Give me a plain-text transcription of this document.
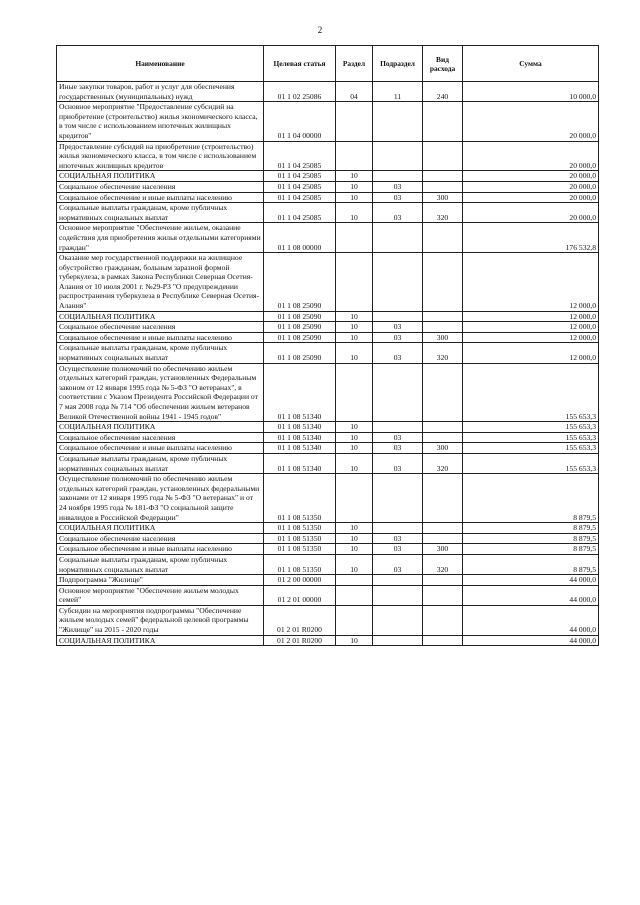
2
Наименование	Целевая статья	Раздел	Подраздел	Вид расхода	Сумма
Иные закупки товаров, работ и услуг для обеспечения государственных (муниципальных) нужд	01 1 02 25086	04	11	240	10 000,0
Основное мероприятие "Предоставление субсидий на приобретение (строительство) жилья экономического класса, в том числе с использованием ипотечных жилищных кредитов"	01 1 04 00000				20 000,0
Предоставление субсидий на приобретение (строительство) жилья экономического класса, в том числе с использованием ипотечных жилищных кредитов	01 1 04 25085				20 000,0
СОЦИАЛЬНАЯ ПОЛИТИКА	01 1 04 25085	10			20 000,0
Социальное обеспечение населения	01 1 04 25085	10	03		20 000,0
Социальное обеспечение и иные выплаты населению	01 1 04 25085	10	03	300	20 000,0
Социальные выплаты гражданам, кроме публичных нормативных социальных выплат	01 1 04 25085	10	03	320	20 000,0
Основное мероприятие "Обеспечение жильем, оказание содействия для приобретения жилья отдельными категориями граждан"	01 1 08 00000				176 532,8
Оказание мер государственной поддержки на жилищное обустройство гражданам, больным заразной формой туберкулеза, в рамках Закона Республики Северная Осетия-Алания от 10 июля 2001 г. №29-РЗ "О предупреждении распространения туберкулеза в Республике Северная Осетия-Алания"	01 1 08 25090				12 000,0
СОЦИАЛЬНАЯ ПОЛИТИКА	01 1 08 25090	10			12 000,0
Социальное обеспечение населения	01 1 08 25090	10	03		12 000,0
Социальное обеспечение и иные выплаты населению	01 1 08 25090	10	03	300	12 000,0
Социальные выплаты гражданам, кроме публичных нормативных социальных выплат	01 1 08 25090	10	03	320	12 000,0
Осуществление полномочий по обеспечению жильем отдельных категорий граждан, установленных Федеральным законом от 12 января 1995 года № 5-ФЗ "О ветеранах", в соответствии с Указом Президента Российской Федерации от 7 мая 2008 года № 714 "Об обеспечении жильем ветеранов Великой Отечественной войны 1941 - 1945 годов"	01 1 08 51340				155 653,3
СОЦИАЛЬНАЯ ПОЛИТИКА	01 1 08 51340	10			155 653,3
Социальное обеспечение населения	01 1 08 51340	10	03		155 653,3
Социальное обеспечение и иные выплаты населению	01 1 08 51340	10	03	300	155 653,3
Социальные выплаты гражданам, кроме публичных нормативных социальных выплат	01 1 08 51340	10	03	320	155 653,3
Осуществление полномочий по обеспечению жильем отдельных категорий граждан, установленных федеральными законами от 12 января 1995 года № 5-ФЗ "О ветеранах" и от 24 ноября 1995 года № 181-ФЗ "О социальной защите инвалидов в Российской Федерации"	01 1 08 51350				8 879,5
СОЦИАЛЬНАЯ ПОЛИТИКА	01 1 08 51350	10			8 879,5
Социальное обеспечение населения	01 1 08 51350	10	03		8 879,5
Социальное обеспечение и иные выплаты населению	01 1 08 51350	10	03	300	8 879,5
Социальные выплаты гражданам, кроме публичных нормативных социальных выплат	01 1 08 51350	10	03	320	8 879,5
Подпрограмма "Жилище"	01 2 00 00000				44 000,0
Основное мероприятие "Обеспечение жильем молодых семей"	01 2 01 00000				44 000,0
Субсидии на мероприятия подпрограммы "Обеспечение жильем молодых семей" федеральной целевой программы "Жилище" на 2015 - 2020 годы	01 2 01 R0200				44 000,0
СОЦИАЛЬНАЯ ПОЛИТИКА	01 2 01 R0200	10			44 000,0
